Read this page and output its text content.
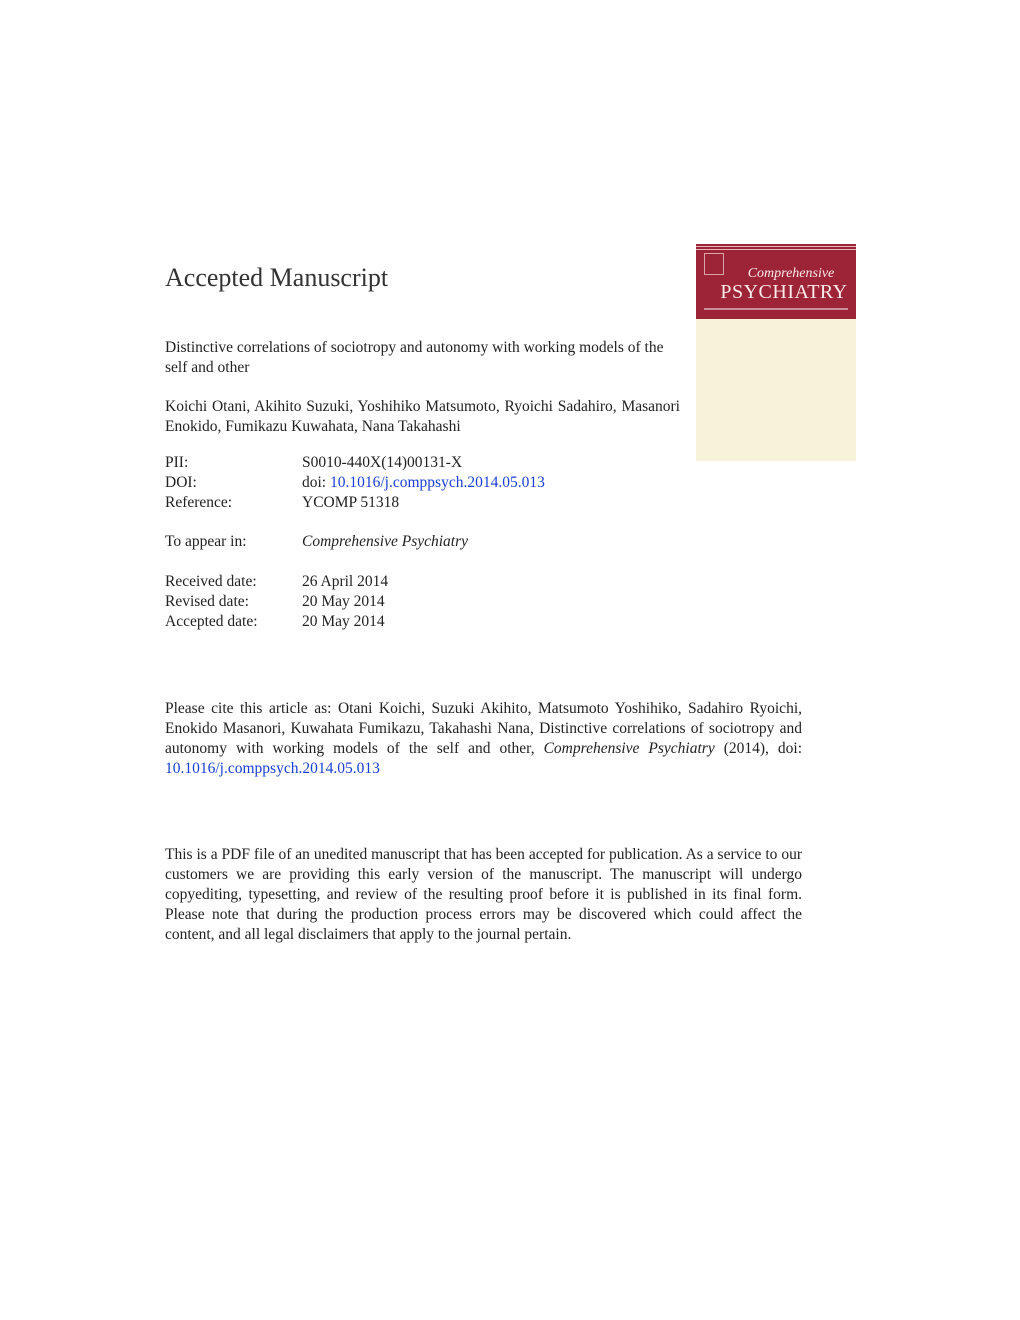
Accepted Manuscript

Distinctive correlations of sociotropy and autonomy with working models of the self and other

Koichi Otani, Akihito Suzuki, Yoshihiko Matsumoto, Ryoichi Sadahiro, Masanori Enokido, Fumikazu Kuwahata, Nana Takahashi

PII:	S0010-440X(14)00131-X
DOI:	doi: 10.1016/j.comppsych.2014.05.013
Reference:	YCOMP 51318
To appear in:	Comprehensive Psychiatry
Received date:	26 April 2014
Revised date:	20 May 2014
Accepted date:	20 May 2014
Comprehensive
PSYCHIATRY

Please cite this article as: Otani Koichi, Suzuki Akihito, Matsumoto Yoshihiko, Sadahiro Ryoichi, Enokido Masanori, Kuwahata Fumikazu, Takahashi Nana, Distinctive correlations of sociotropy and autonomy with working models of the self and other, Comprehensive Psychiatry (2014), doi: 10.1016/j.comppsych.2014.05.013

This is a PDF file of an unedited manuscript that has been accepted for publication. As a service to our customers we are providing this early version of the manuscript. The manuscript will undergo copyediting, typesetting, and review of the resulting proof before it is published in its final form. Please note that during the production process errors may be discovered which could affect the content, and all legal disclaimers that apply to the journal pertain.
